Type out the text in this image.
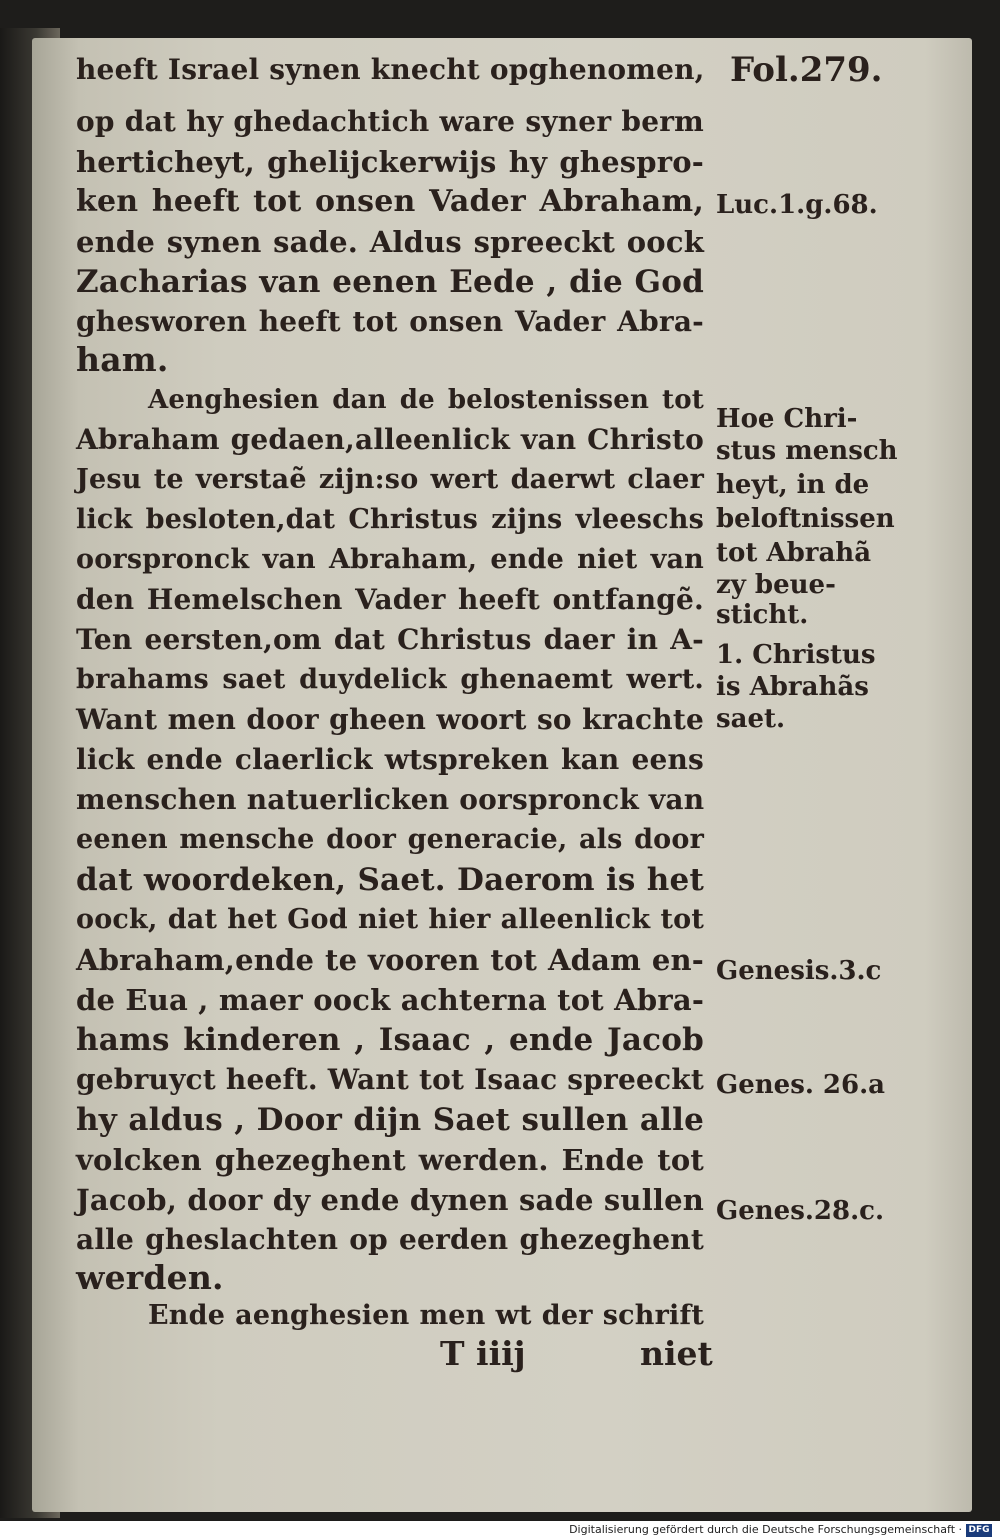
Fol.279.
heeft Israel synen knecht opghenomen,
op dat hy ghedachtich ware syner berm
herticheyt, ghelijckerwijs hy ghespro-
ken heeft tot onsen Vader Abraham,
ende synen sade. Aldus spreeckt oock
Zacharias van eenen Eede , die God
ghesworen heeft tot onsen Vader Abra-
ham.
Aenghesien dan de belostenissen tot
Abraham gedaen,alleenlick van Christo
Jesu te verstaẽ zijn:so wert daerwt claer
lick besloten,dat Christus zijns vleeschs
oorspronck van Abraham, ende niet van
den Hemelschen Vader heeft ontfangẽ.
Ten eersten,om dat Christus daer in A-
brahams saet duydelick ghenaemt wert.
Want men door gheen woort so krachte
lick ende claerlick wtspreken kan eens
menschen natuerlicken oorspronck van
eenen mensche door generacie, als door
dat woordeken, Saet. Daerom is het
oock, dat het God niet hier alleenlick tot
Abraham,ende te vooren tot Adam en-
de Eua , maer oock achterna tot Abra-
hams kinderen , Isaac , ende Jacob
gebruyct heeft. Want tot Isaac spreeckt
hy aldus , Door dijn Saet sullen alle
volcken ghezeghent werden. Ende tot
Jacob, door dy ende dynen sade sullen
alle gheslachten op eerden ghezeghent
werden.
Ende aenghesien men wt der schrift
T iiij	niet
Luc.1.g.68.
Hoe Chri-
stus mensch
heyt, in de
beloftnissen
tot Abrahã
zy beue-
sticht.
1. Christus
is Abrahãs
saet.
Genesis.3.c
Genes. 26.a
Genes.28.c.
Digitalisierung gefördert durch die Deutsche Forschungsgemeinschaft · DFG
